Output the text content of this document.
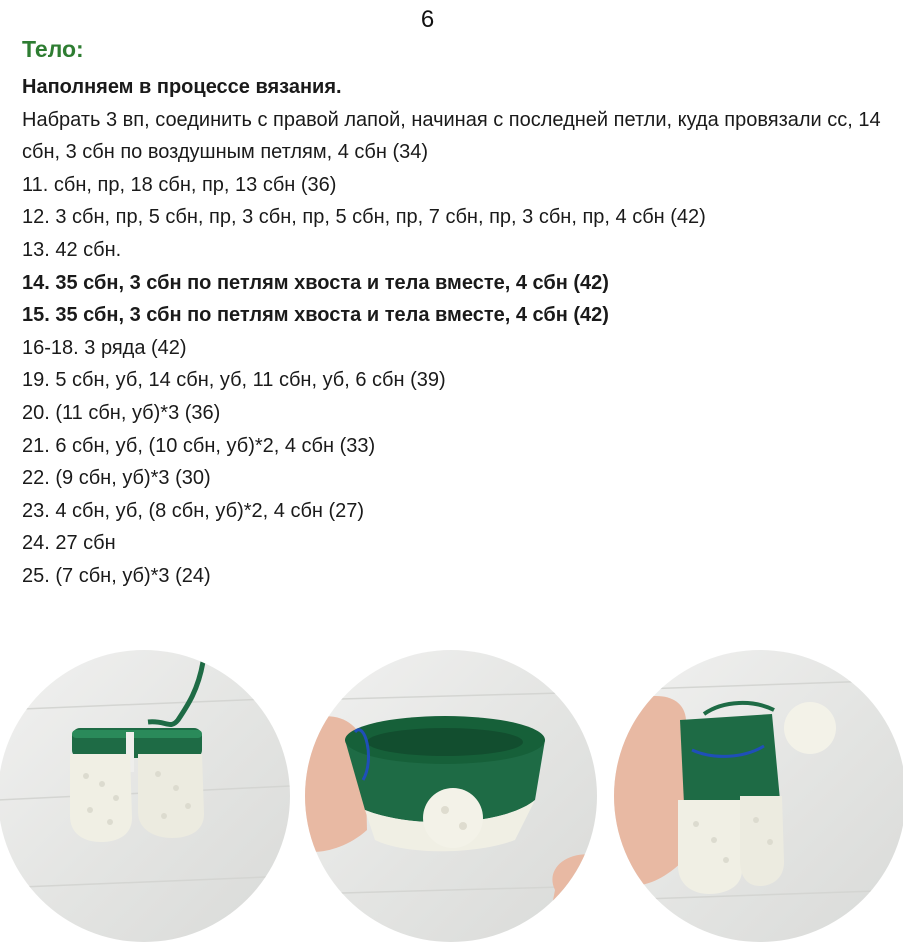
6
Тело:
Наполняем в процессе вязания.
Набрать 3 вп, соединить с правой лапой, начиная с последней петли, куда провязали сс, 14 сбн, 3 сбн по воздушным петлям, 4 сбн (34)
11. сбн, пр, 18 сбн, пр, 13 сбн (36)
12. 3 сбн, пр, 5 сбн, пр, 3 сбн, пр, 5 сбн, пр, 7 сбн, пр, 3 сбн, пр, 4 сбн (42)
13. 42 сбн.
14. 35 сбн, 3 сбн по петлям хвоста и тела вместе, 4 сбн (42)
15. 35 сбн, 3 сбн по петлям хвоста и тела вместе, 4 сбн (42)
16-18. 3 ряда (42)
19. 5 сбн, уб, 14 сбн, уб, 11 сбн, уб, 6 сбн (39)
20. (11 сбн, уб)*3 (36)
21. 6 сбн, уб, (10 сбн, уб)*2, 4 сбн (33)
22. (9 сбн, уб)*3 (30)
23. 4 сбн, уб, (8 сбн, уб)*2, 4 сбн (27)
24. 27 сбн
25. (7 сбн, уб)*3 (24)
